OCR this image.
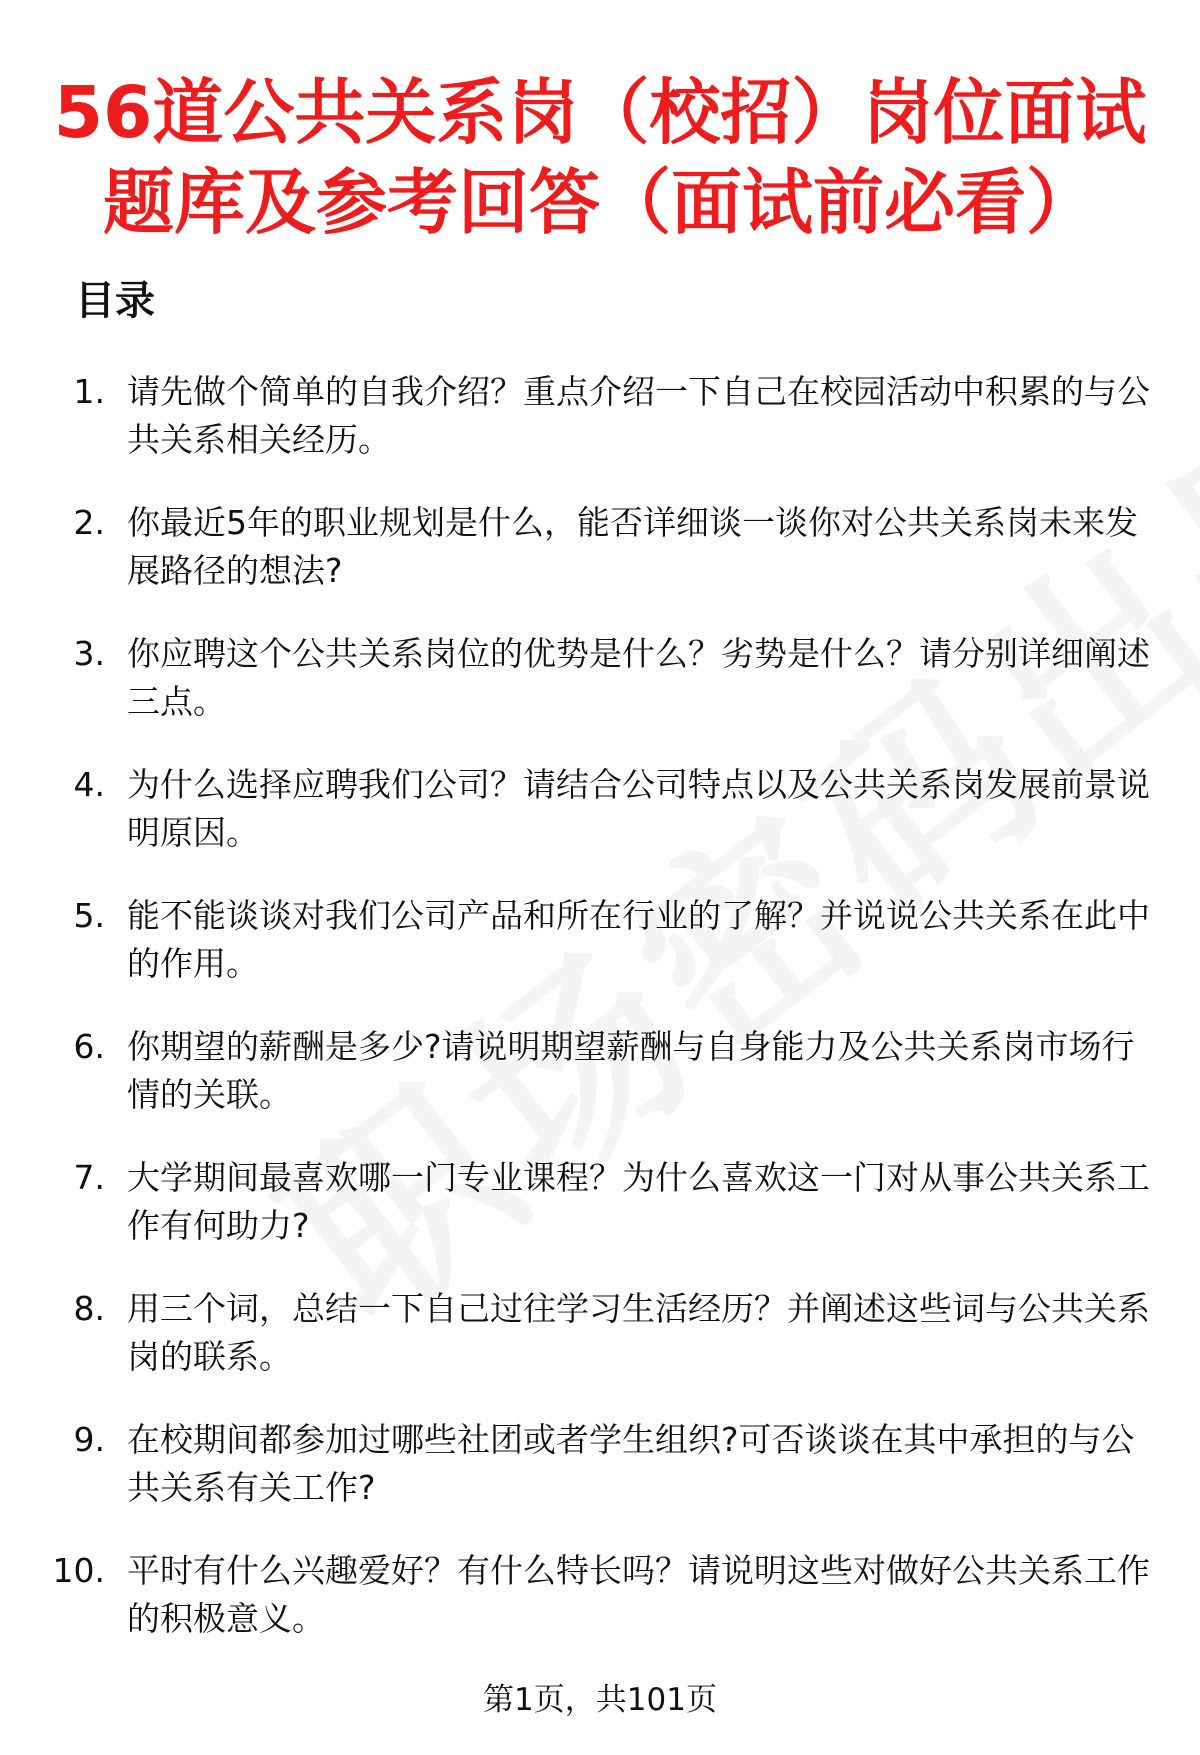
56道公共关系岗（校招）岗位面试
题库及参考回答（面试前必看）
目录
1. 请先做个简单的自我介绍？重点介绍一下自己在校园活动中积累的与公共关系相关经历。
2. 你最近5年的职业规划是什么，能否详细谈一谈你对公共关系岗未来发展路径的想法?
3. 你应聘这个公共关系岗位的优势是什么？劣势是什么？请分别详细阐述三点。
4. 为什么选择应聘我们公司？请结合公司特点以及公共关系岗发展前景说明原因。
5. 能不能谈谈对我们公司产品和所在行业的了解？并说说公共关系在此中的作用。
6. 你期望的薪酬是多少?请说明期望薪酬与自身能力及公共关系岗市场行情的关联。
7. 大学期间最喜欢哪一门专业课程？为什么喜欢这一门对从事公共关系工作有何助力?
8. 用三个词，总结一下自己过往学习生活经历？并阐述这些词与公共关系岗的联系。
9. 在校期间都参加过哪些社团或者学生组织?可否谈谈在其中承担的与公共关系有关工作?
10. 平时有什么兴趣爱好？有什么特长吗？请说明这些对做好公共关系工作的积极意义。
第1页，共101页
